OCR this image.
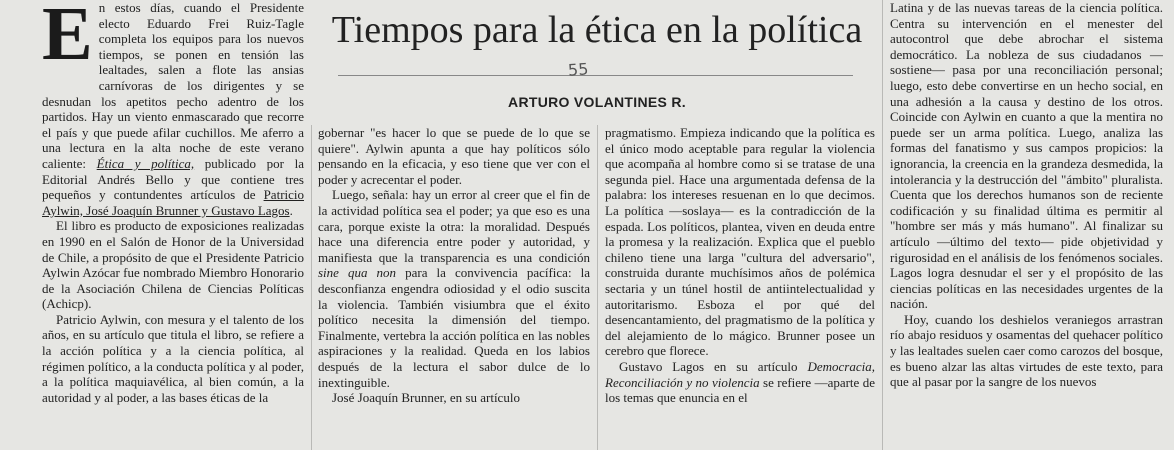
En estos días, cuando el Presidente electo Eduardo Frei Ruiz-Tagle completa los equipos para los nuevos tiempos, se ponen en tensión las lealtades, salen a flote las ansias carnívoras de los dirigentes y se desnudan los apetitos pecho adentro de los partidos. Hay un viento enmascarado que recorre el país y que puede afilar cuchillos. Me aferro a una lectura en la alta noche de este verano caliente: Ética y política, publicado por la Editorial Andrés Bello y que contiene tres pequeños y contundentes artículos de Patricio Aylwin, José Joaquín Brunner y Gustavo Lagos.

El libro es producto de exposiciones realizadas en 1990 en el Salón de Honor de la Universidad de Chile, a propósito de que el Presidente Patricio Aylwin Azócar fue nombrado Miembro Honorario de la Asociación Chilena de Ciencias Políticas (Achicp).

Patricio Aylwin, con mesura y el talento de los años, en su artículo que titula el libro, se refiere a la acción política y a la ciencia política, al régimen político, a la conducta política y al poder, a la política maquiavélica, al bien común, a la autoridad y al poder, a las bases éticas de la

Tiempos para la ética en la política
55
ARTURO VOLANTINES R.

gobernar "es hacer lo que se puede de lo que se quiere". Aylwin apunta a que hay políticos sólo pensando en la eficacia, y eso tiene que ver con el poder y acrecentar el poder.

Luego, señala: hay un error al creer que el fin de la actividad política sea el poder; ya que eso es una cara, porque existe la otra: la moralidad. Después hace una diferencia entre poder y autoridad, y manifiesta que la transparencia es una condición sine qua non para la convivencia pacífica: la desconfianza engendra odiosidad y el odio suscita la violencia. También visiumbra que el éxito político necesita la dimensión del tiempo. Finalmente, vertebra la acción política en las nobles aspiraciones y la realidad. Queda en los labios después de la lectura el sabor dulce de lo inextinguible.

José Joaquín Brunner, en su artículo

pragmatismo. Empieza indicando que la política es el único modo aceptable para regular la violencia que acompaña al hombre como si se tratase de una segunda piel. Hace una argumentada defensa de la palabra: los intereses resuenan en lo que decimos. La política —soslaya— es la contradicción de la espada. Los políticos, plantea, viven en deuda entre la promesa y la realización. Explica que el pueblo chileno tiene una larga "cultura del adversario", construida durante muchísimos años de polémica sectaria y un túnel hostil de antiintelectualidad y autoritarismo. Esboza el por qué del desencantamiento, del pragmatismo de la política y del alejamiento de lo mágico. Brunner posee un cerebro que florece.

Gustavo Lagos en su artículo Democracia, Reconciliación y no violencia se refiere —aparte de los temas que enuncia en el

Latina y de las nuevas tareas de la ciencia política. Centra su intervención en el menester del autocontrol que debe abrochar el sistema democrático. La nobleza de sus ciudadanos —sostiene— pasa por una reconciliación personal; luego, esto debe convertirse en un hecho social, en una adhesión a la causa y destino de los otros. Coincide con Aylwin en cuanto a que la mentira no puede ser un arma política. Luego, analiza las formas del fanatismo y sus campos propicios: la ignorancia, la creencia en la grandeza desmedida, la intolerancia y la destrucción del "ámbito" pluralista. Cuenta que los derechos humanos son de reciente codificación y su finalidad última es permitir al "hombre ser más y más humano". Al finalizar su artículo —último del texto— pide objetividad y rigurosidad en el análisis de los fenómenos sociales. Lagos logra desnudar el ser y el propósito de las ciencias políticas en las necesidades urgentes de la nación.

Hoy, cuando los deshielos veraniegos arrastran río abajo residuos y osamentas del quehacer político y las lealtades suelen caer como carozos del bosque, es bueno alzar las altas virtudes de este texto, para que al pasar por la sangre de los nuevos
